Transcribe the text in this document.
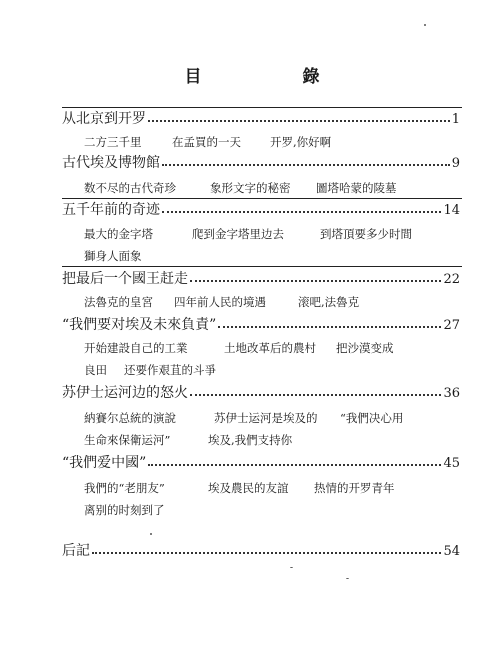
目　錄
从北京到开罗	1
二方三千里	在孟買的一天	开罗,你好啊
古代埃及博物館	9
数不尽的古代奇珍	象形文字的秘密	圖塔哈蒙的陵墓
五千年前的奇迹	14
最大的金字塔	爬到金字塔里边去	到塔頂要多少时間
獅身人面象
把最后一个國王赶走	22
法魯克的皇宮	四年前人民的境遇	滚吧,法魯克
“我們要对埃及未來負責”	27
开始建設自己的工業	土地改革后的農村	把沙漠变成
良田	还要作艰苴的斗爭
苏伊士运河边的怒火	36
納賽尔总統的演說	苏伊士运河是埃及的	“我們决心用
生命來保衛运河”	埃及,我們支持你
“我們爱中國”	45
我們的“老朋友”	埃及農民的友誼	热情的开罗青年
离别的时刻到了
后記	54
